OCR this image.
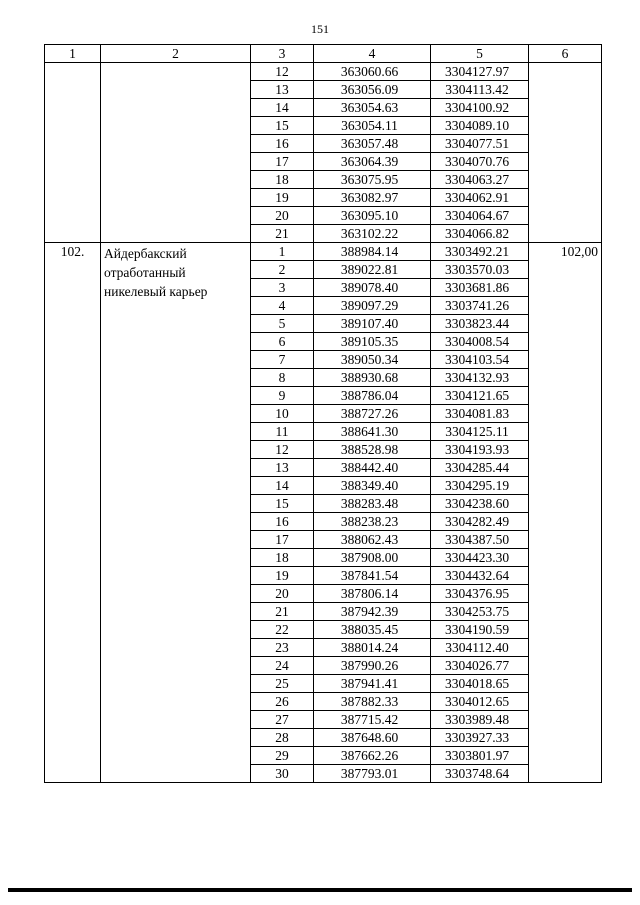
151
1	2	3	4	5	6
		12	363060.66	3304127.97	
		13	363056.09	3304113.42	
		14	363054.63	3304100.92	
		15	363054.11	3304089.10	
		16	363057.48	3304077.51	
		17	363064.39	3304070.76	
		18	363075.95	3304063.27	
		19	363082.97	3304062.91	
		20	363095.10	3304064.67	
		21	363102.22	3304066.82	
102.	Айдербакский отработанный никелевый карьер	1	388984.14	3303492.21	102,00
		2	389022.81	3303570.03	
		3	389078.40	3303681.86	
		4	389097.29	3303741.26	
		5	389107.40	3303823.44	
		6	389105.35	3304008.54	
		7	389050.34	3304103.54	
		8	388930.68	3304132.93	
		9	388786.04	3304121.65	
		10	388727.26	3304081.83	
		11	388641.30	3304125.11	
		12	388528.98	3304193.93	
		13	388442.40	3304285.44	
		14	388349.40	3304295.19	
		15	388283.48	3304238.60	
		16	388238.23	3304282.49	
		17	388062.43	3304387.50	
		18	387908.00	3304423.30	
		19	387841.54	3304432.64	
		20	387806.14	3304376.95	
		21	387942.39	3304253.75	
		22	388035.45	3304190.59	
		23	388014.24	3304112.40	
		24	387990.26	3304026.77	
		25	387941.41	3304018.65	
		26	387882.33	3304012.65	
		27	387715.42	3303989.48	
		28	387648.60	3303927.33	
		29	387662.26	3303801.97	
		30	387793.01	3303748.64	
